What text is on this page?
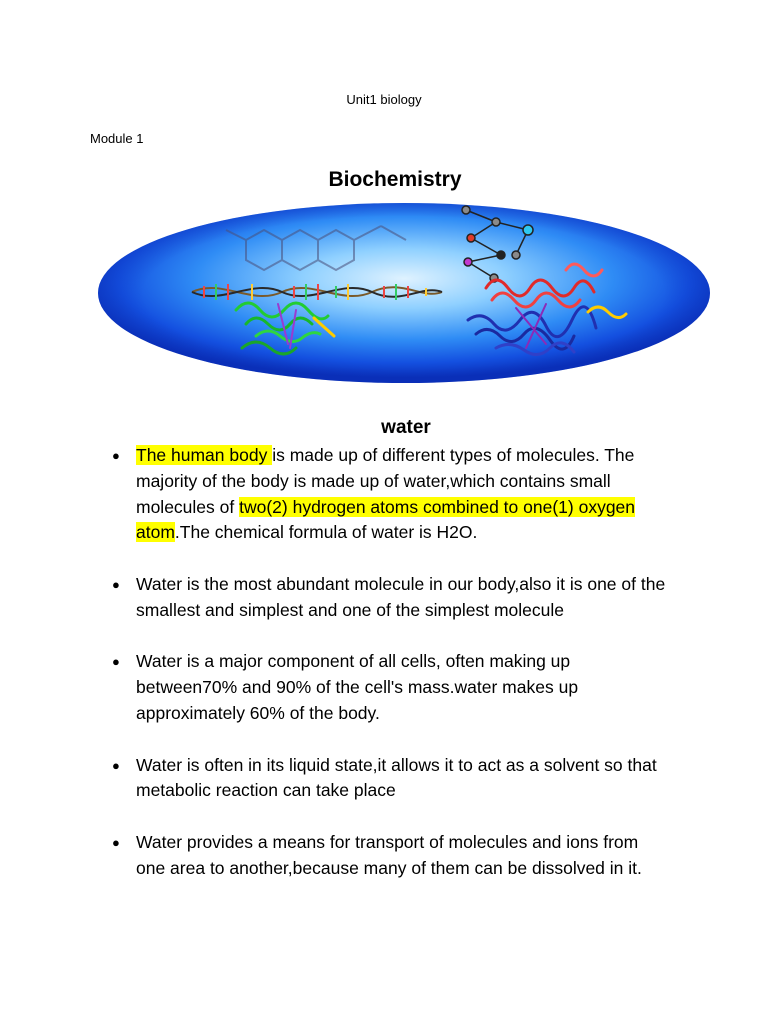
Unit1 biology
Module 1
Biochemistry
water
● The human body is made up of different types of molecules. The majority of the body is made up of water,which contains small molecules of two(2) hydrogen atoms combined to one(1) oxygen atom.The chemical formula of water is H2O.
● Water is the most abundant molecule in our body,also it is one of the smallest and simplest and one of the simplest molecule
● Water is a major component of all cells, often making up between70% and 90% of the cell's mass.water makes up approximately 60% of the body.
● Water is often in its liquid state,it allows it to act as a solvent so that metabolic reaction can take place
● Water provides a means for transport of molecules and ions from one area to another,because many of them can be dissolved in it.
